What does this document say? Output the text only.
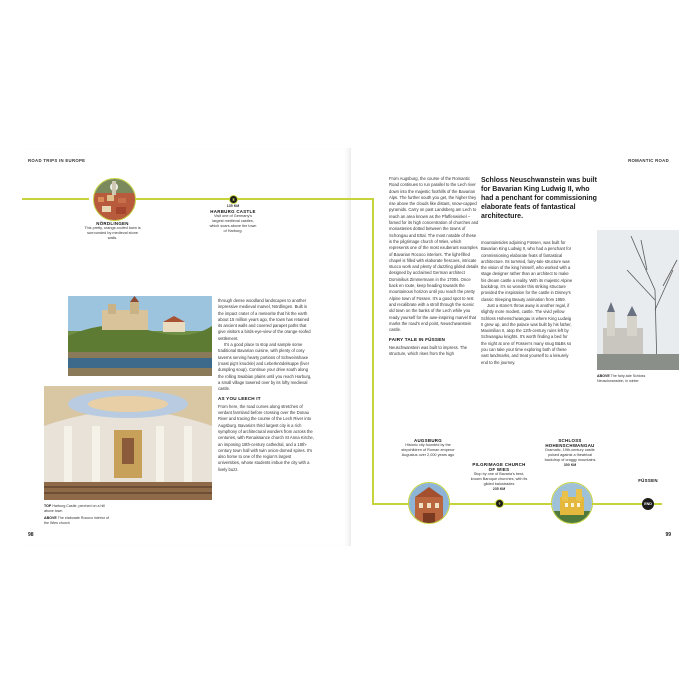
ROAD TRIPS IN EUROPE
NÖRDLINGEN
This pretty, orange-roofed town is surrounded by medieval stone walls.
♜
135 KM
HARBURG CASTLE
Visit one of Germany's largest medieval castles, which soars above the town of Harburg.
TOP Harburg Castle, perched on a hill above town
ABOVE The elaborate Rococo interior of the Wies church

through dense woodland landscapes to another impressive medieval marvel, Nördlingen. Built in the impact crater of a meteorite that hit the earth about 15 million years ago, the town has retained its ancient walls and covered parapet paths that give visitors a birds-eye-view of the orange-roofed settlement.

It's a good place to stop and sample some traditional Bavarian cuisine, with plenty of cosy taverns serving hearty portions of Schweinshaxe (roast pig's knuckle) and Leberknödelsuppe (liver dumpling soup). Continue your drive south along the rolling Swabian plains until you reach Harburg, a small village towered over by its lofty medieval castle.

AS YOU LEECH IT

From here, the road curves along stretches of verdant farmland before crossing over the Donau River and tracing the course of the Lech River into Augsburg. Bavaria's third largest city is a rich symphony of architectural wonders from across the centuries, with Renaissance church St Anna Kirche, an imposing 18th-century cathedral, and a 16th-century town hall with twin onion-domed spires. It's also home to one of the region's largest universities, whose students imbue the city with a lively buzz.

98
ROMANTIC ROAD

From Augsburg, the course of the Romantic Road continues to run parallel to the Lech river down into the majestic foothills of the Bavarian Alps. The further south you get, the higher they rise above the clouds like distant, snow-capped pyramids. Carry on past Landsberg am Lech to reach an area known as the Pfaffenwinkel – famed for its high concentration of churches and monasteries dotted between the towns of Schongau and Ettal. The most notable of these is the pilgrimage church of Wies, which represents one of the most exuberant examples of Bavarian Rococo interiors. The light-filled chapel is filled with elaborate frescoes, intricate stucco work and plenty of dazzling gilded details designed by acclaimed German architect Dominikus Zimmermann in the 1700s. Once back en route, keep heading towards the mountainous horizon until you reach the pretty Alpine town of Füssen. It's a good spot to rest and recalibrate with a stroll through the scenic old town on the banks of the Lech while you ready yourself for the awe-inspiring marvel that marks the road's end point, Neuschwanstein castle.

FAIRY TALE IN FÜSSEN

Neuschwanstein was built to impress. The structure, which rises from the high

Schloss Neuschwanstein was built for Bavarian King Ludwig II, who had a penchant for commissioning elaborate feats of fantastical architecture.

mountainsides adjoining Füssen, was built for Bavarian King Ludwig II, who had a penchant for commissioning elaborate feats of fantastical architecture. Its turreted, fairy-tale structure was the vision of the king himself, who worked with a stage designer rather than an architect to make his dream castle a reality. With its majestic Alpine backdrop, it's no wonder this striking structure provided the inspiration for the castle in Disney's classic Sleeping Beauty animation from 1959.

Just a stone's throw away is another regal, if slightly more modest, castle. The vivid yellow Schloss Hohenschwangau is where King Ludwig II grew up, and the palace was built by his father, Maximilian II, atop the 12th-century ruins left by Schwangau knights. It's worth finding a bed for the night at one of Füssen's many snug B&Bs so you can take your time exploring both of these vast landmarks, and treat yourself to a leisurely end to the journey.

ABOVE The fairy-tale Schloss Neuschwanstein, in winter
AUGSBURG
Historic city founded by the stepchildren of Roman emperor Augustus over 2,000 years ago
PILGRIMAGE CHURCH OF WIES
Stop by one of Bavaria's best-known Baroque churches, with its gilded balustrades
235 KM
✝
SCHLOSS HOHENSCHWANGAU
Dramatic, 19th-century castle poised against a theatrical backdrop of craggy mountains
300 KM
FÜSSEN
END
99
